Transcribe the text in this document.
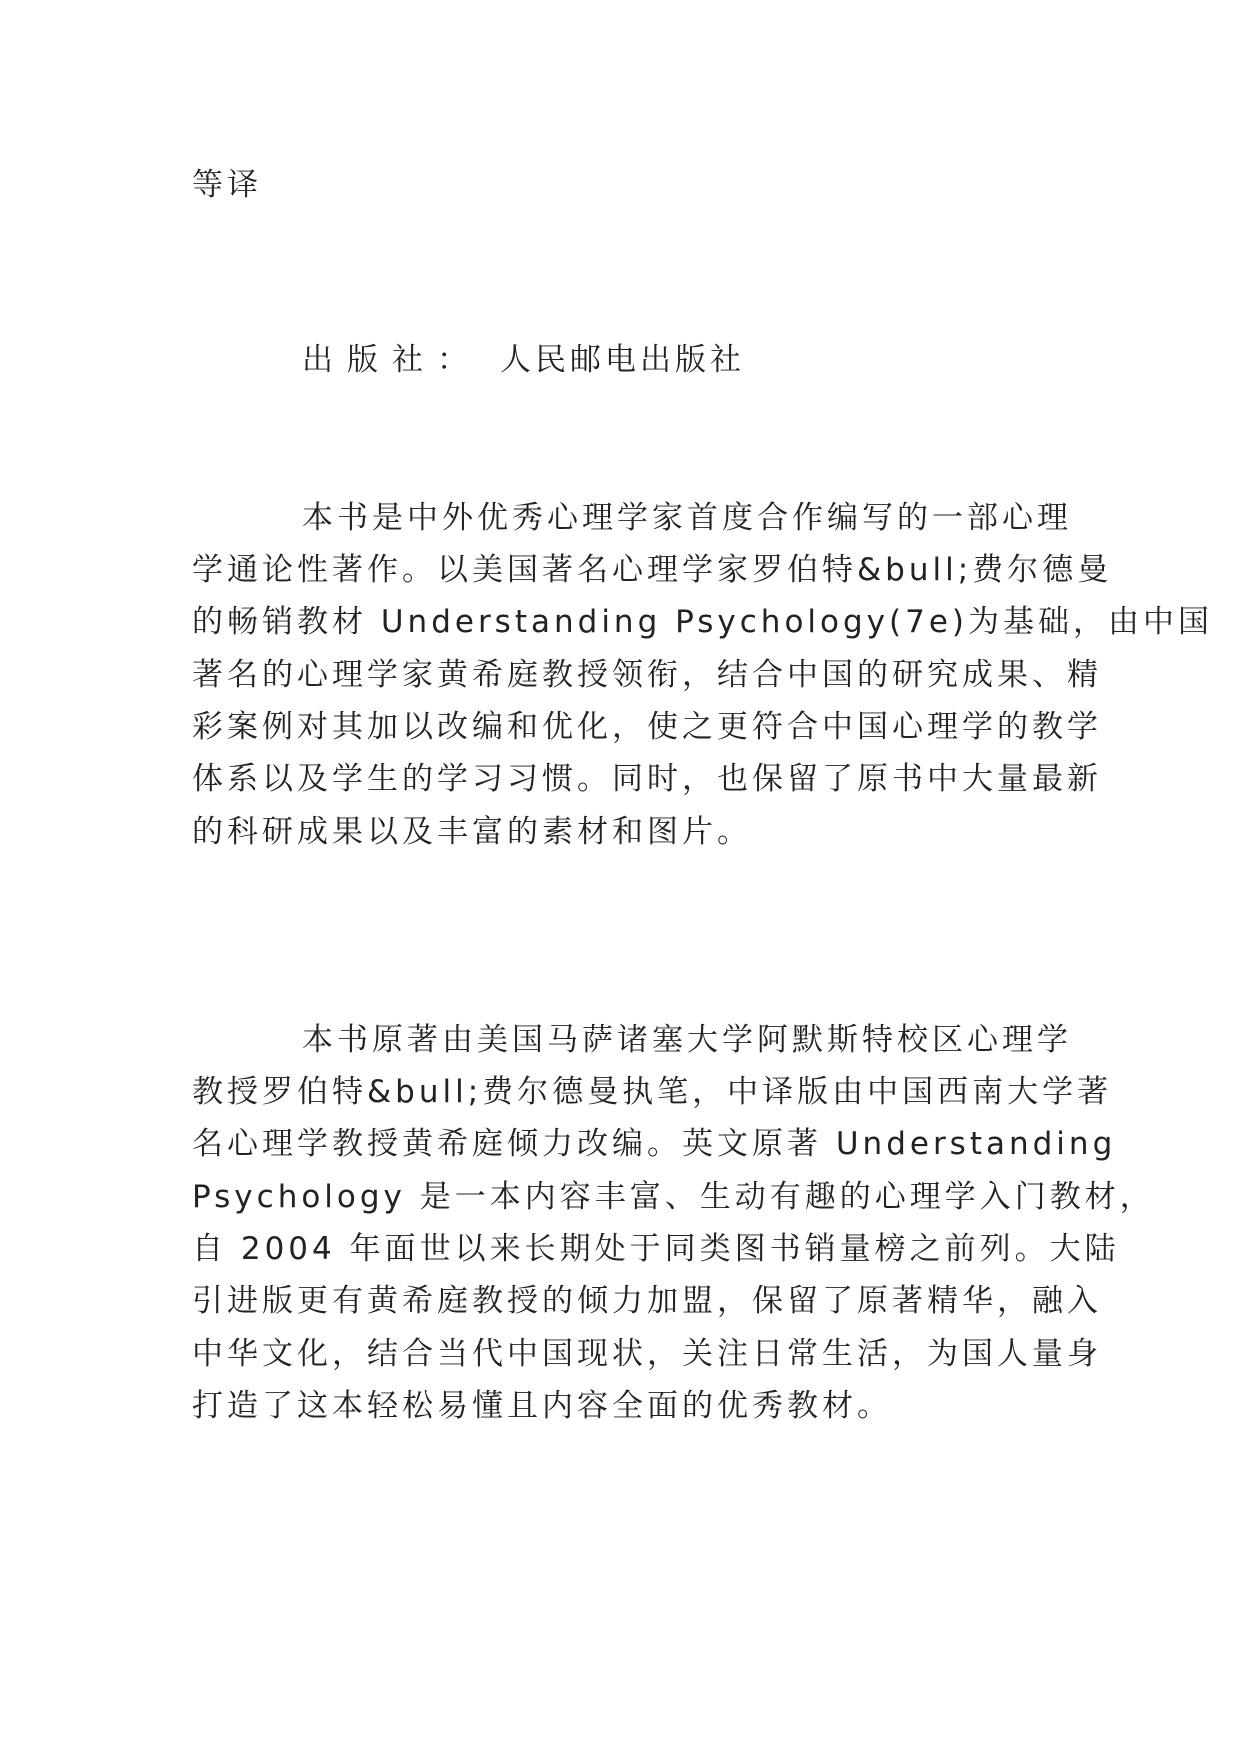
等译
出版社： 人民邮电出版社
本书是中外优秀心理学家首度合作编写的一部心理
学通论性著作。以美国著名心理学家罗伯特&bull;费尔德曼
的畅销教材 Understanding Psychology(7e)为基础，由中国
著名的心理学家黄希庭教授领衔，结合中国的研究成果、精
彩案例对其加以改编和优化，使之更符合中国心理学的教学
体系以及学生的学习习惯。同时，也保留了原书中大量最新
的科研成果以及丰富的素材和图片。
本书原著由美国马萨诸塞大学阿默斯特校区心理学
教授罗伯特&bull;费尔德曼执笔，中译版由中国西南大学著
名心理学教授黄希庭倾力改编。英文原著 Understanding
Psychology 是一本内容丰富、生动有趣的心理学入门教材，
自 2004 年面世以来长期处于同类图书销量榜之前列。大陆
引进版更有黄希庭教授的倾力加盟，保留了原著精华，融入
中华文化，结合当代中国现状，关注日常生活，为国人量身
打造了这本轻松易懂且内容全面的优秀教材。
